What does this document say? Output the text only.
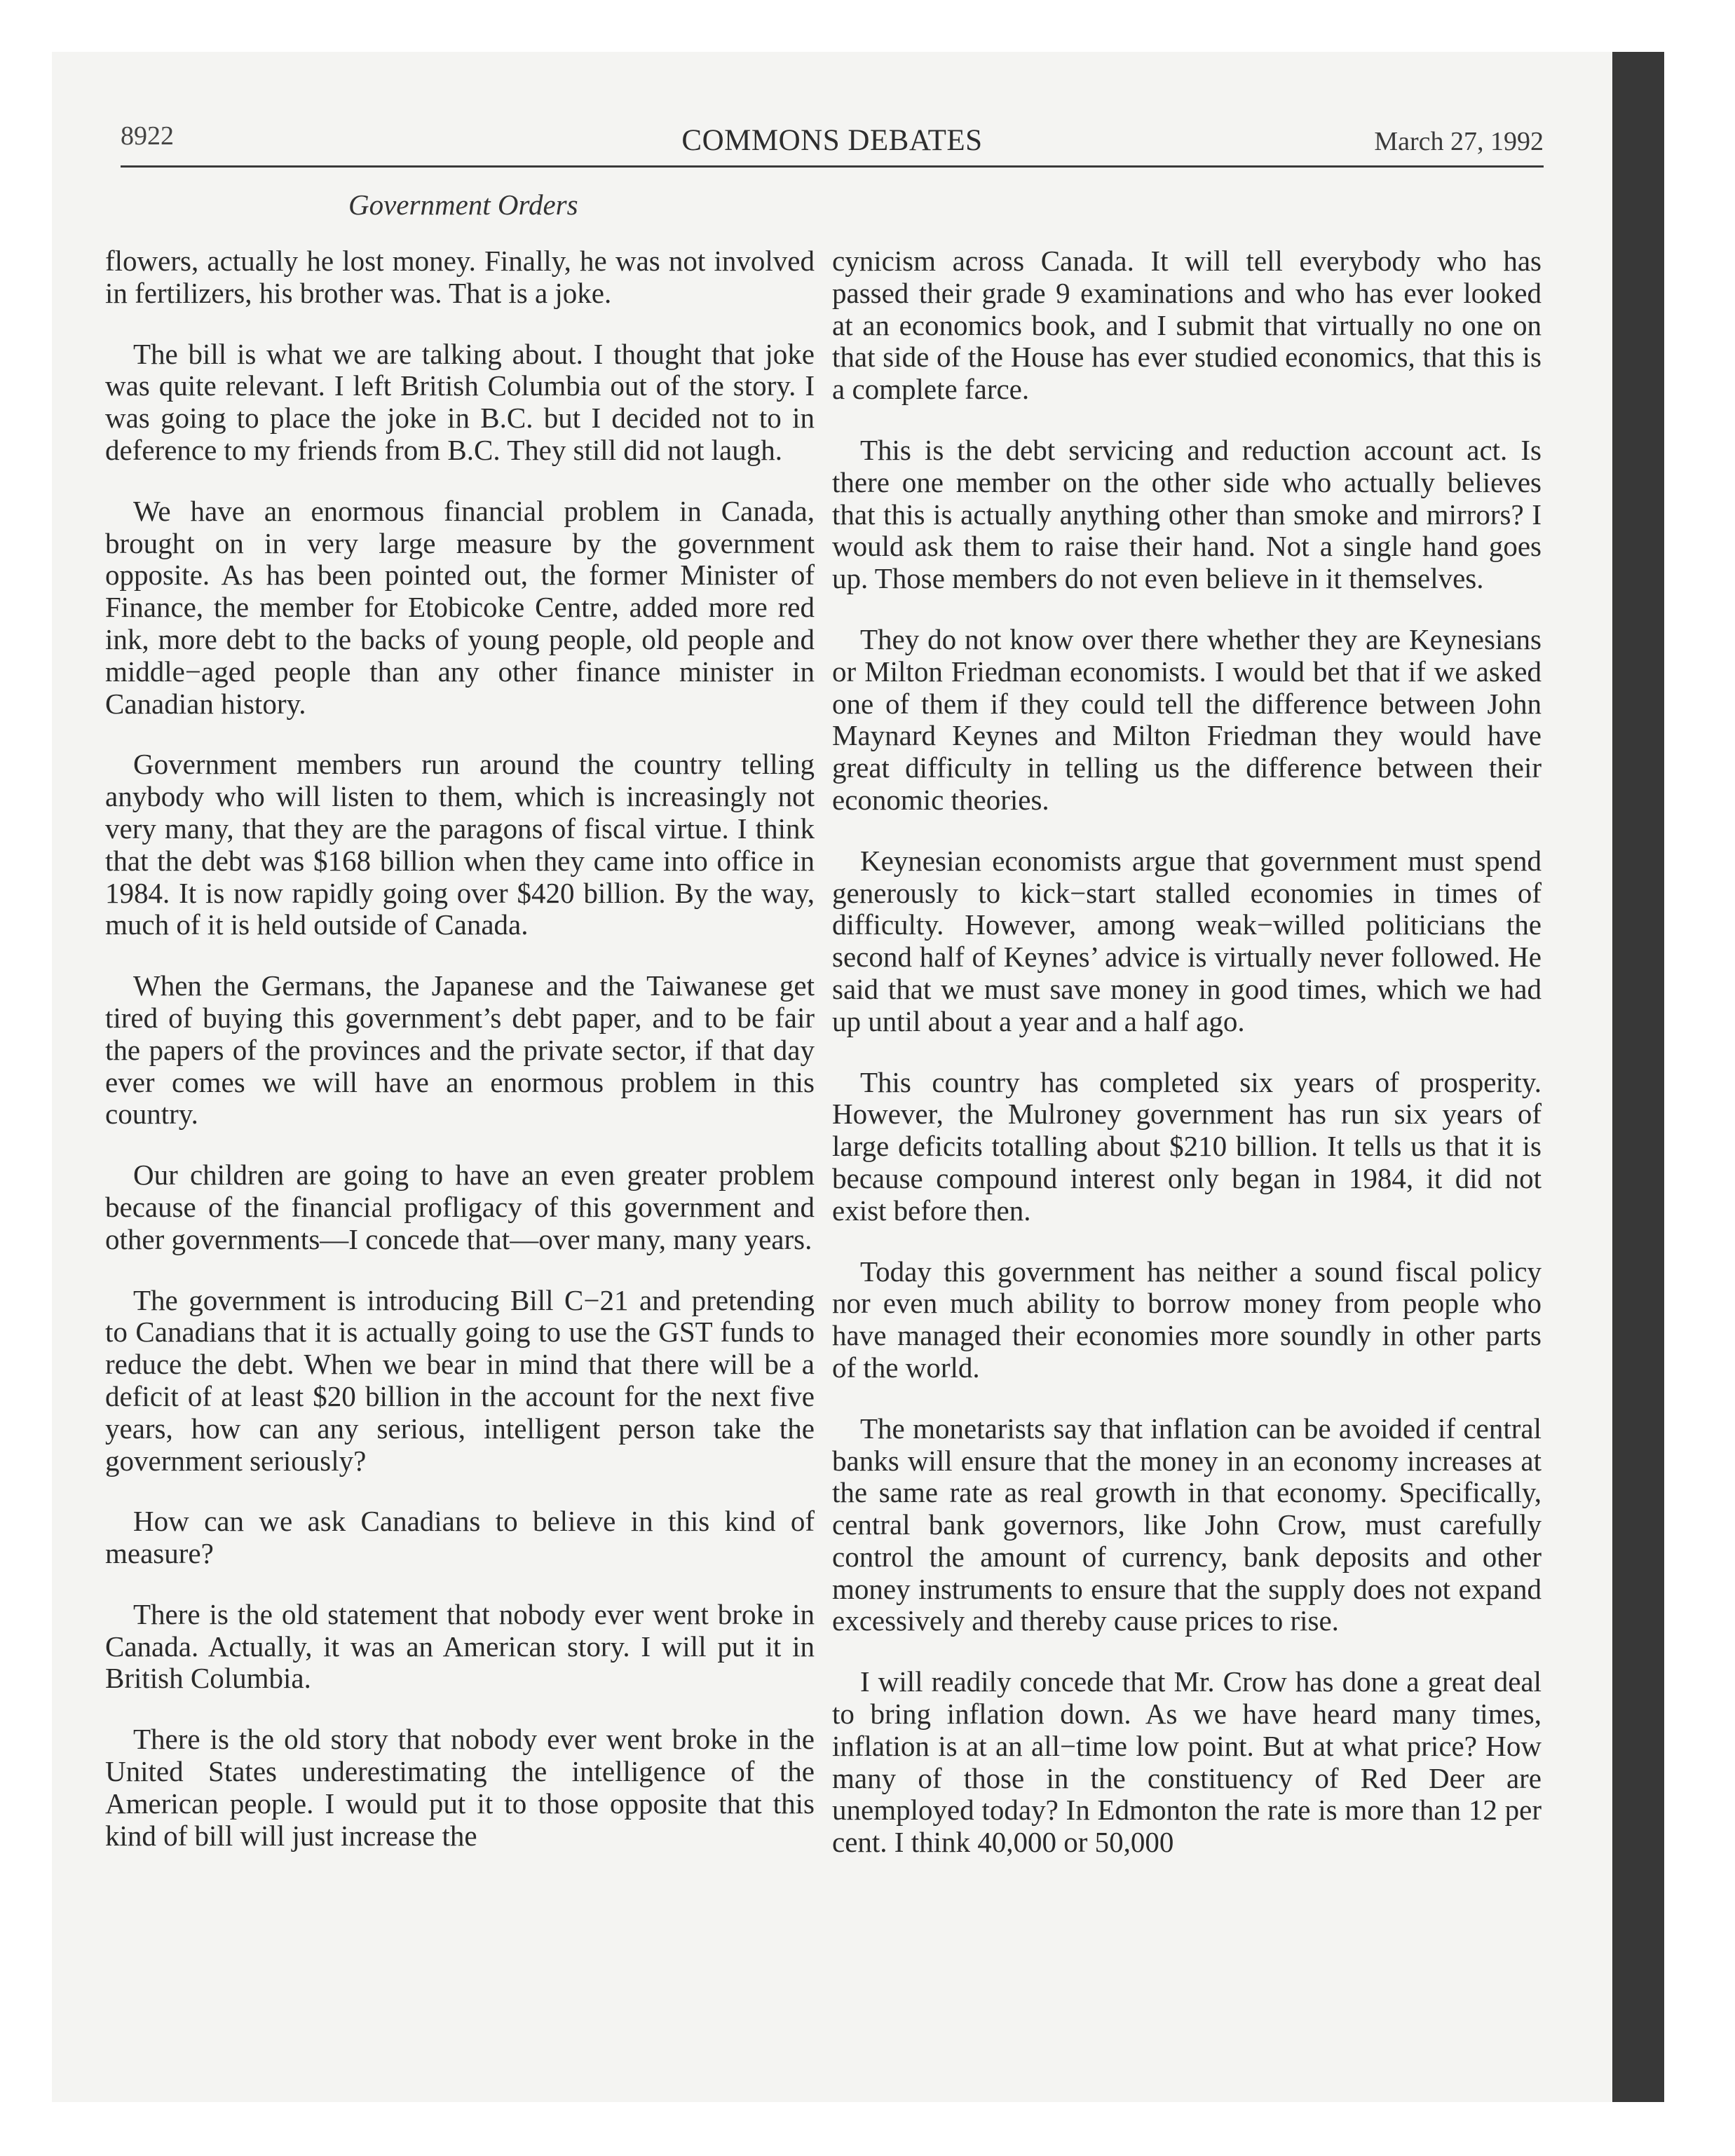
8922	COMMONS DEBATES	March 27, 1992
Government Orders

flowers, actually he lost money. Finally, he was not involved in fertilizers, his brother was. That is a joke.

The bill is what we are talking about. I thought that joke was quite relevant. I left British Columbia out of the story. I was going to place the joke in B.C. but I decided not to in deference to my friends from B.C. They still did not laugh.

We have an enormous financial problem in Canada, brought on in very large measure by the government opposite. As has been pointed out, the former Minister of Finance, the member for Etobicoke Centre, added more red ink, more debt to the backs of young people, old people and middle−aged people than any other finance minister in Canadian history.

Government members run around the country telling anybody who will listen to them, which is increasingly not very many, that they are the paragons of fiscal virtue. I think that the debt was $168 billion when they came into office in 1984. It is now rapidly going over $420 billion. By the way, much of it is held outside of Canada.

When the Germans, the Japanese and the Taiwanese get tired of buying this government’s debt paper, and to be fair the papers of the provinces and the private sector, if that day ever comes we will have an enormous problem in this country.

Our children are going to have an even greater problem because of the financial profligacy of this government and other governments—I concede that—over many, many years.

The government is introducing Bill C−21 and pretending to Canadians that it is actually going to use the GST funds to reduce the debt. When we bear in mind that there will be a deficit of at least $20 billion in the account for the next five years, how can any serious, intelligent person take the government seriously?

How can we ask Canadians to believe in this kind of measure?

There is the old statement that nobody ever went broke in Canada. Actually, it was an American story. I will put it in British Columbia.

There is the old story that nobody ever went broke in the United States underestimating the intelligence of the American people. I would put it to those opposite that this kind of bill will just increase the

cynicism across Canada. It will tell everybody who has passed their grade 9 examinations and who has ever looked at an economics book, and I submit that virtually no one on that side of the House has ever studied economics, that this is a complete farce.

This is the debt servicing and reduction account act. Is there one member on the other side who actually believes that this is actually anything other than smoke and mirrors? I would ask them to raise their hand. Not a single hand goes up. Those members do not even believe in it themselves.

They do not know over there whether they are Keynesians or Milton Friedman economists. I would bet that if we asked one of them if they could tell the difference between John Maynard Keynes and Milton Friedman they would have great difficulty in telling us the difference between their economic theories.

Keynesian economists argue that government must spend generously to kick−start stalled economies in times of difficulty. However, among weak−willed politicians the second half of Keynes’ advice is virtually never followed. He said that we must save money in good times, which we had up until about a year and a half ago.

This country has completed six years of prosperity. However, the Mulroney government has run six years of large deficits totalling about $210 billion. It tells us that it is because compound interest only began in 1984, it did not exist before then.

Today this government has neither a sound fiscal policy nor even much ability to borrow money from people who have managed their economies more soundly in other parts of the world.

The monetarists say that inflation can be avoided if central banks will ensure that the money in an economy increases at the same rate as real growth in that economy. Specifically, central bank governors, like John Crow, must carefully control the amount of currency, bank deposits and other money instruments to ensure that the supply does not expand excessively and thereby cause prices to rise.

I will readily concede that Mr. Crow has done a great deal to bring inflation down. As we have heard many times, inflation is at an all−time low point. But at what price? How many of those in the constituency of Red Deer are unemployed today? In Edmonton the rate is more than 12 per cent. I think 40,000 or 50,000
